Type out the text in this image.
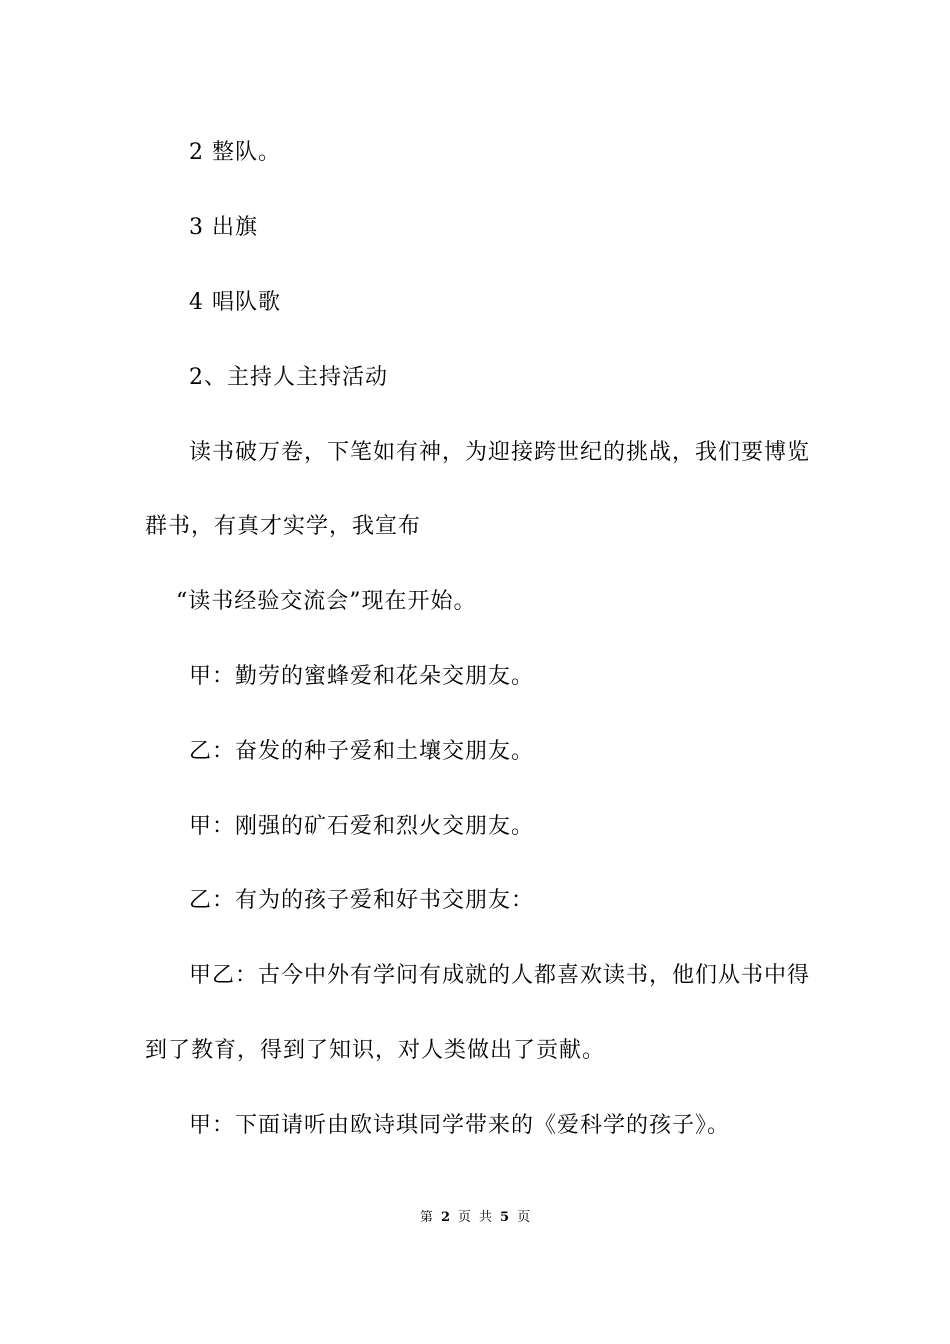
2 整队。
3 出旗
4 唱队歌
2、主持人主持活动
读书破万卷，下笔如有神，为迎接跨世纪的挑战，我们要博览
群书，有真才实学，我宣布
“读书经验交流会”现在开始。
甲：勤劳的蜜蜂爱和花朵交朋友。
乙：奋发的种子爱和土壤交朋友。
甲：刚强的矿石爱和烈火交朋友。
乙：有为的孩子爱和好书交朋友：
甲乙：古今中外有学问有成就的人都喜欢读书，他们从书中得
到了教育，得到了知识，对人类做出了贡献。
甲：下面请听由欧诗琪同学带来的《爱科学的孩子》。
第 2 页 共 5 页
